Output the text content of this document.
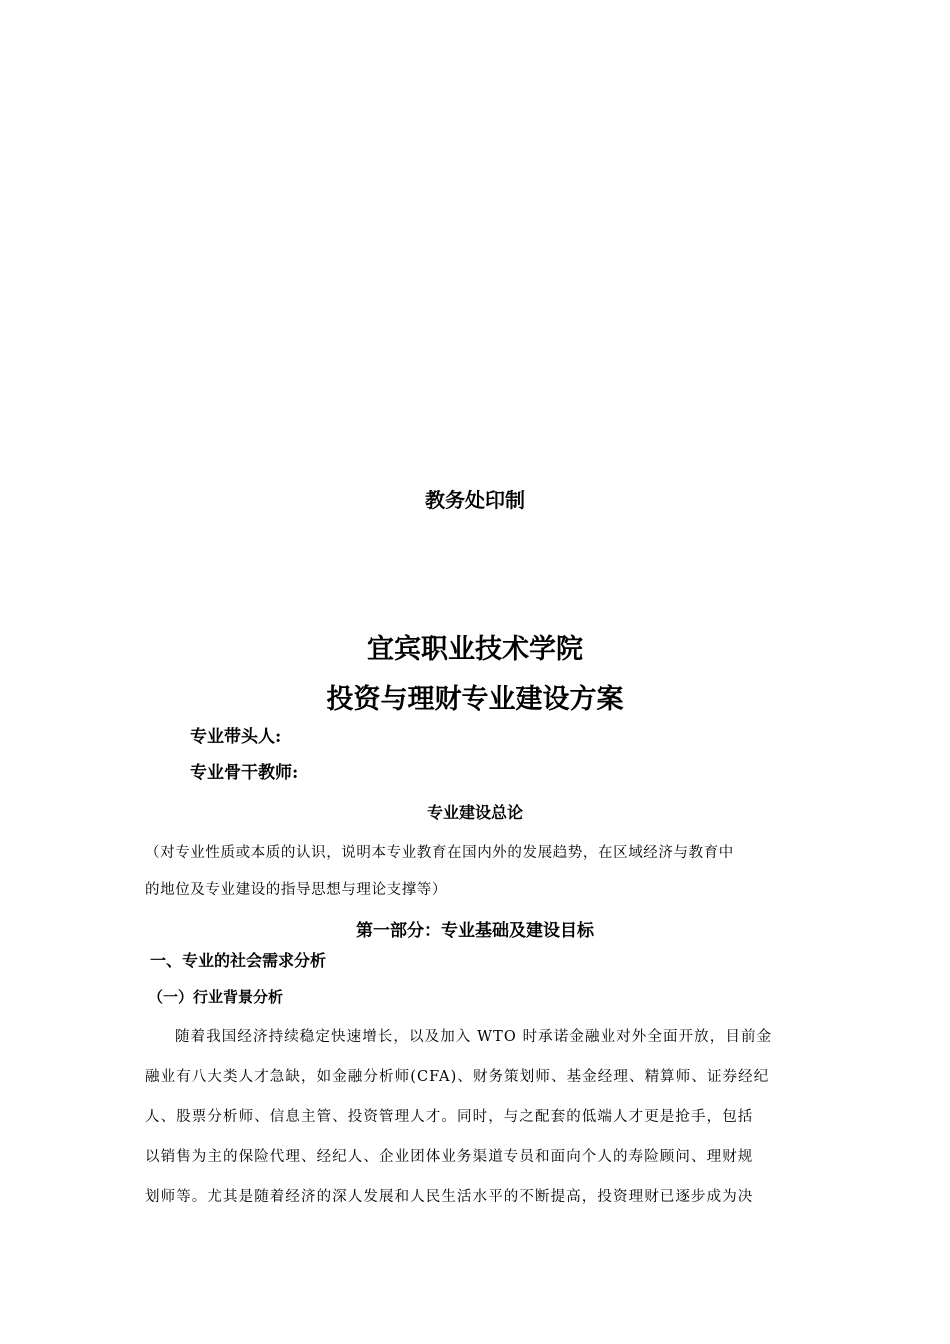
教务处印制
宜宾职业技术学院
投资与理财专业建设方案
专业带头人:
专业骨干教师:
专业建设总论
（对专业性质或本质的认识，说明本专业教育在国内外的发展趋势，在区域经济与教育中
的地位及专业建设的指导思想与理论支撑等）
第一部分：专业基础及建设目标
一、专业的社会需求分析
（一）行业背景分析
随着我国经济持续稳定快速增长，以及加入 WTO 时承诺金融业对外全面开放，目前金
融业有八大类人才急缺，如金融分析师(CFA)、财务策划师、基金经理、精算师、证券经纪
人、股票分析师、信息主管、投资管理人才。同时，与之配套的低端人才更是抢手，包括
以销售为主的保险代理、经纪人、企业团体业务渠道专员和面向个人的寿险顾问、理财规
划师等。尤其是随着经济的深人发展和人民生活水平的不断提高，投资理财已逐步成为决
